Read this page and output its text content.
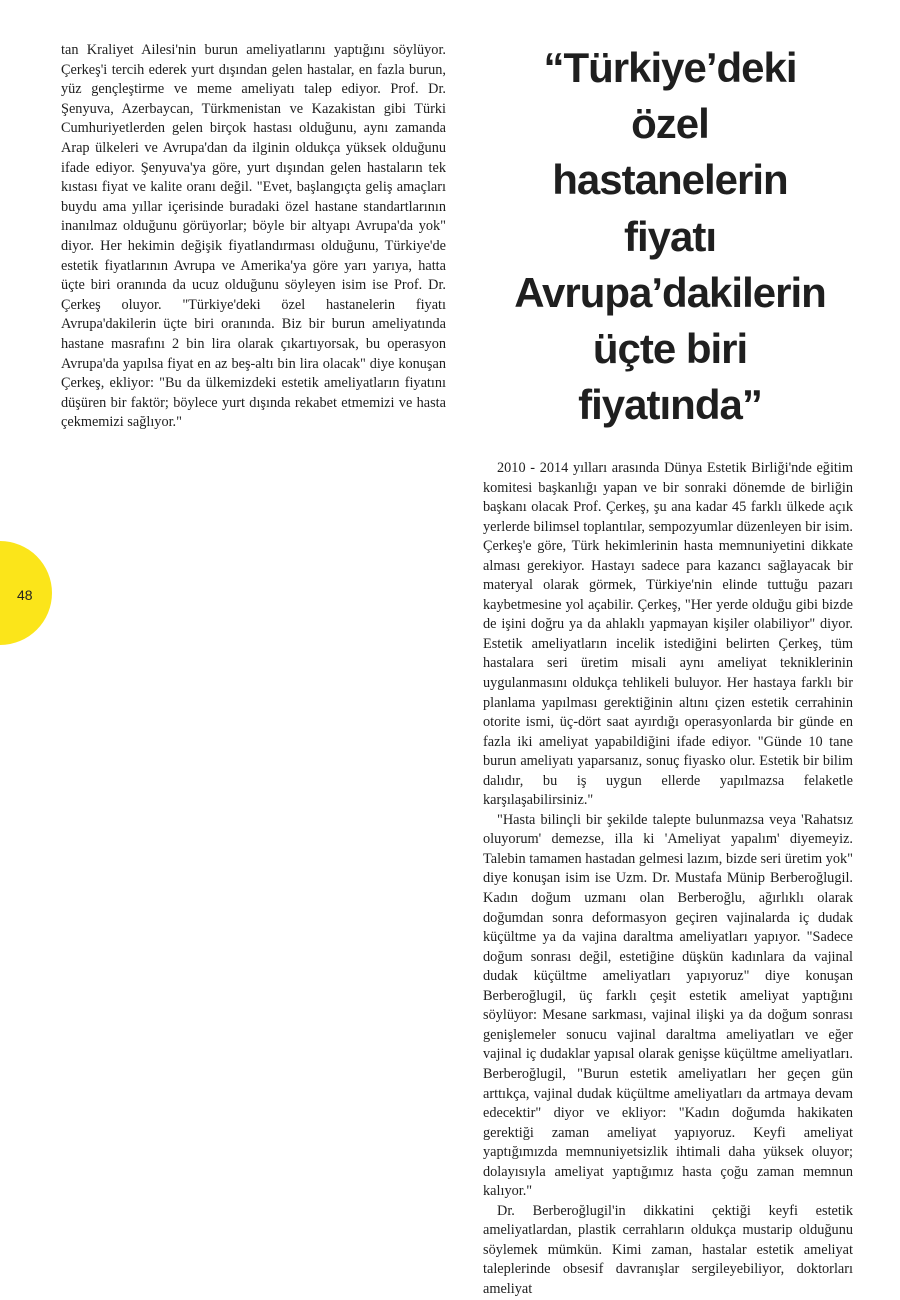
tan Kraliyet Ailesi'nin burun ameliyatlarını yaptığını söylüyor. Çerkeş'i tercih ederek yurt dışından gelen hastalar, en fazla burun, yüz gençleştirme ve meme ameliyatı talep ediyor. Prof. Dr. Şenyuva, Azerbaycan, Türkmenistan ve Kazakistan gibi Türki Cumhuriyetlerden gelen birçok hastası olduğunu, aynı zamanda Arap ülkeleri ve Avrupa'dan da ilginin oldukça yüksek olduğunu ifade ediyor. Şenyuva'ya göre, yurt dışından gelen hastaların tek kıstası fiyat ve kalite oranı değil. "Evet, başlangıçta geliş amaçları buydu ama yıllar içerisinde buradaki özel hastane standartlarının inanılmaz olduğunu görüyorlar; böyle bir altyapı Avrupa'da yok" diyor. Her hekimin değişik fiyatlandırması olduğunu, Türkiye'de estetik fiyatlarının Avrupa ve Amerika'ya göre yarı yarıya, hatta üçte biri oranında da ucuz olduğunu söyleyen isim ise Prof. Dr. Çerkeş oluyor. "Türkiye'deki özel hastanelerin fiyatı Avrupa'dakilerin üçte biri oranında. Biz bir burun ameliyatında hastane masrafını 2 bin lira olarak çıkartıyorsak, bu operasyon Avrupa'da yapılsa fiyat en az beş-altı bin lira olacak" diye konuşan Çerkeş, ekliyor: "Bu da ülkemizdeki estetik ameliyatların fiyatını düşüren bir faktör; böylece yurt dışında rekabet etmemizi ve hasta çekmemizi sağlıyor."

“Türkiye’deki
özel
hastanelerin
fiyatı
Avrupa’dakilerin
üçte biri
fiyatında”

2010 - 2014 yılları arasında Dünya Estetik Birliği'nde eğitim komitesi başkanlığı yapan ve bir sonraki dönemde de birliğin başkanı olacak Prof. Çerkeş, şu ana kadar 45 farklı ülkede açık yerlerde bilimsel toplantılar, sempozyumlar düzenleyen bir isim. Çerkeş'e göre, Türk hekimlerinin hasta memnuniyetini dikkate alması gerekiyor. Hastayı sadece para kazancı sağlayacak bir materyal olarak görmek, Türkiye'nin elinde tuttuğu pazarı kaybetmesine yol açabilir. Çerkeş, "Her yerde olduğu gibi bizde de işini doğru ya da ahlaklı yapmayan kişiler olabiliyor" diyor. Estetik ameliyatların incelik istediğini belirten Çerkeş, tüm hastalara seri üretim misali aynı ameliyat tekniklerinin uygulanmasını oldukça tehlikeli buluyor. Her hastaya farklı bir planlama yapılması gerektiğinin altını çizen estetik cerrahinin otorite ismi, üç-dört saat ayırdığı operasyonlarda bir günde en fazla iki ameliyat yapabildiğini ifade ediyor. "Günde 10 tane burun ameliyatı yaparsanız, sonuç fiyasko olur. Estetik bir bilim dalıdır, bu iş uygun ellerde yapılmazsa felaketle karşılaşabilirsiniz."

"Hasta bilinçli bir şekilde talepte bulunmazsa veya 'Rahatsız oluyorum' demezse, illa ki 'Ameliyat yapalım' diyemeyiz. Talebin tamamen hastadan gelmesi lazım, bizde seri üretim yok" diye konuşan isim ise Uzm. Dr. Mustafa Münip Berberoğlugil. Kadın doğum uzmanı olan Berberoğlu, ağırlıklı olarak doğumdan sonra deformasyon geçiren vajinalarda iç dudak küçültme ya da vajina daraltma ameliyatları yapıyor. "Sadece doğum sonrası değil, estetiğine düşkün kadınlara da vajinal dudak küçültme ameliyatları yapıyoruz" diye konuşan Berberoğlugil, üç farklı çeşit estetik ameliyat yaptığını söylüyor: Mesane sarkması, vajinal ilişki ya da doğum sonrası genişlemeler sonucu vajinal daraltma ameliyatları ve eğer vajinal iç dudaklar yapısal olarak genişse küçültme ameliyatları. Berberoğlugil, "Burun estetik ameliyatları her geçen gün arttıkça, vajinal dudak küçültme ameliyatları da artmaya devam edecektir" diyor ve ekliyor: "Kadın doğumda hakikaten gerektiği zaman ameliyat yapıyoruz. Keyfi ameliyat yaptığımızda memnuniyetsizlik ihtimali daha yüksek oluyor; dolayısıyla ameliyat yaptığımız hasta çoğu zaman memnun kalıyor."

Dr. Berberoğlugil'in dikkatini çektiği keyfi estetik ameliyatlardan, plastik cerrahların oldukça mustarip olduğunu söylemek mümkün. Kimi zaman, hastalar estetik ameliyat taleplerinde obsesif davranışlar sergileyebiliyor, doktorları ameliyat

48
